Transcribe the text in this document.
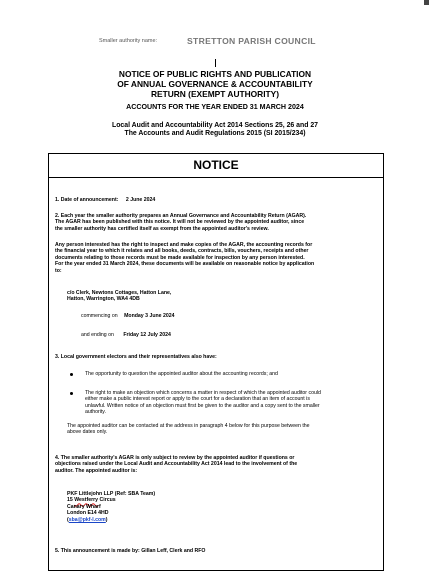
Smaller authority name:	STRETTON PARISH COUNCIL
NOTICE OF PUBLIC RIGHTS AND PUBLICATION
OF ANNUAL GOVERNANCE & ACCOUNTABILITY
RETURN (EXEMPT AUTHORITY)
ACCOUNTS FOR THE YEAR ENDED 31 MARCH 2024
Local Audit and Accountability Act 2014 Sections 25, 26 and 27
The Accounts and Audit Regulations 2015 (SI 2015/234)
NOTICE
1. Date of announcement: 2 June 2024
2. Each year the smaller authority prepares an Annual Governance and Accountability Return (AGAR).
The AGAR has been published with this notice. It will not be reviewed by the appointed auditor, since
the smaller authority has certified itself as exempt from the appointed auditor's review.
Any person interested has the right to inspect and make copies of the AGAR, the accounting records for
the financial year to which it relates and all books, deeds, contracts, bills, vouchers, receipts and other
documents relating to those records must be made available for inspection by any person interested.
For the year ended 31 March 2024, these documents will be available on reasonable notice by application
to:
c/o Clerk, Newtons Cottages, Hatton Lane,
Hatton, Warrington, WA4 4DB
commencing on Monday 3 June 2024
and ending on Friday 12 July 2024
3. Local government electors and their representatives also have:
The opportunity to question the appointed auditor about the accounting records; and
The right to make an objection which concerns a matter in respect of which the appointed auditor could
either make a public interest report or apply to the court for a declaration that an item of account is
unlawful. Written notice of an objection must first be given to the auditor and a copy sent to the smaller
authority.
The appointed auditor can be contacted at the address in paragraph 4 below for this purpose between the
above dates only.
4. The smaller authority's AGAR is only subject to review by the appointed auditor if questions or
objections raised under the Local Audit and Accountability Act 2014 lead to the involvement of the
auditor. The appointed auditor is:
PKF Littlejohn LLP (Ref: SBA Team)
15 Westferry Circus
Canary Wharf
London E14 4HD
(sba@pkf-l.com)
5. This announcement is made by: Gillan Leff, Clerk and RFO
